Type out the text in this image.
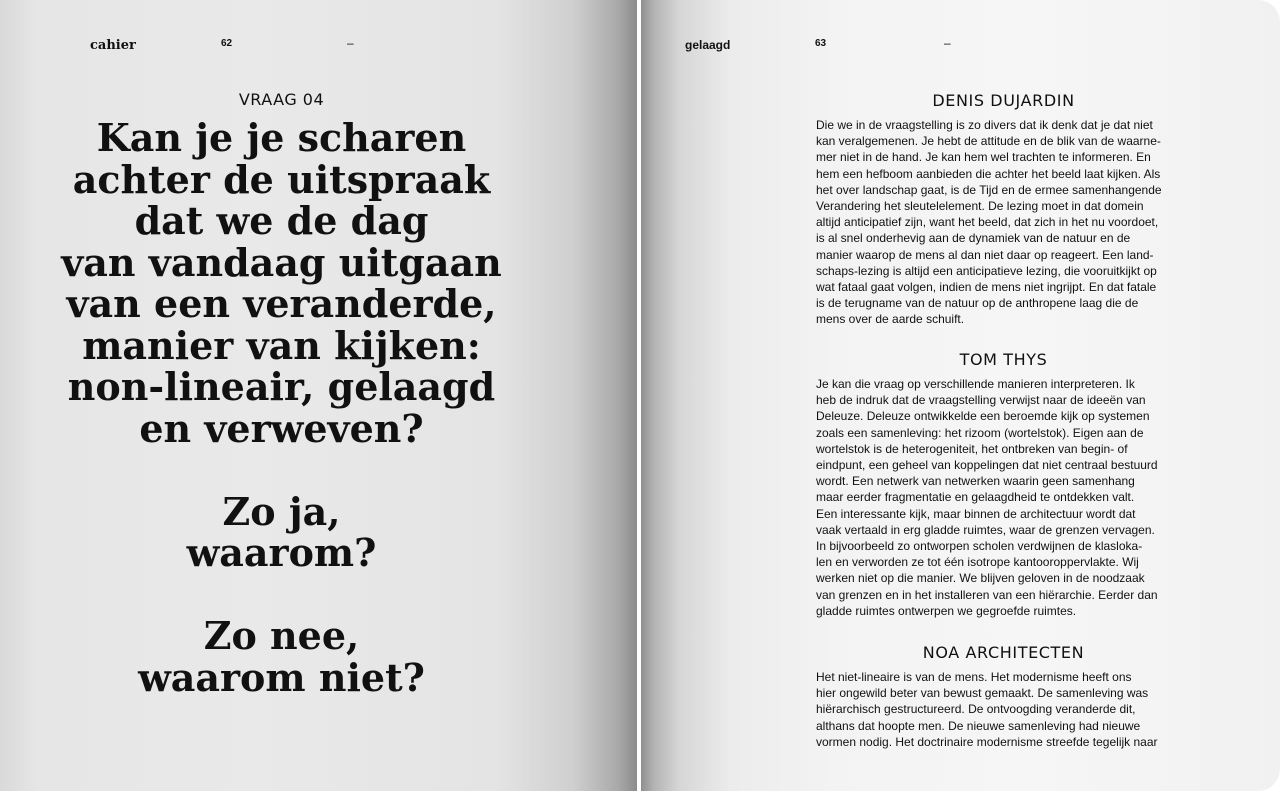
cahier	62	–
VRAAG 04
Kan je je scharen
achter de uitspraak
dat we de dag
van vandaag uitgaan
van een veranderde,
manier van kijken:
non-lineair, gelaagd
en verweven?
Zo ja,
waarom?
Zo nee,
waarom niet?
gelaagd	63	–
DENIS DUJARDIN

Die we in de vraagstelling is zo divers dat ik denk dat je dat niet
kan veralgemenen. Je hebt de attitude en de blik van de waarne-
mer niet in de hand. Je kan hem wel trachten te informeren. En
hem een hefboom aanbieden die achter het beeld laat kijken. Als
het over landschap gaat, is de Tijd en de ermee samenhangende
Verandering het sleutelelement. De lezing moet in dat domein
altijd anticipatief zijn, want het beeld, dat zich in het nu voordoet,
is al snel onderhevig aan de dynamiek van de natuur en de
manier waarop de mens al dan niet daar op reageert. Een land-
schaps-lezing is altijd een anticipatieve lezing, die vooruitkijkt op
wat fataal gaat volgen, indien de mens niet ingrijpt. En dat fatale
is de terugname van de natuur op de anthropene laag die de
mens over de aarde schuift.

TOM THYS

Je kan die vraag op verschillende manieren interpreteren. Ik
heb de indruk dat de vraagstelling verwijst naar de ideeën van
Deleuze. Deleuze ontwikkelde een beroemde kijk op systemen
zoals een samenleving: het rizoom (wortelstok). Eigen aan de
wortelstok is de heterogeniteit, het ontbreken van begin- of
eindpunt, een geheel van koppelingen dat niet centraal bestuurd
wordt. Een netwerk van netwerken waarin geen samenhang
maar eerder fragmentatie en gelaagdheid te ontdekken valt.
Een interessante kijk, maar binnen de architectuur wordt dat
vaak vertaald in erg gladde ruimtes, waar de grenzen vervagen.
In bijvoorbeeld zo ontworpen scholen verdwijnen de klasloka-
len en verworden ze tot één isotrope kantooroppervlakte. Wij
werken niet op die manier. We blijven geloven in de noodzaak
van grenzen en in het installeren van een hiërarchie. Eerder dan
gladde ruimtes ontwerpen we gegroefde ruimtes.

NOA ARCHITECTEN

Het niet-lineaire is van de mens. Het modernisme heeft ons
hier ongewild beter van bewust gemaakt. De samenleving was
hiërarchisch gestructureerd. De ontvoogding veranderde dit,
althans dat hoopte men. De nieuwe samenleving had nieuwe
vormen nodig. Het doctrinaire modernisme streefde tegelijk naar
